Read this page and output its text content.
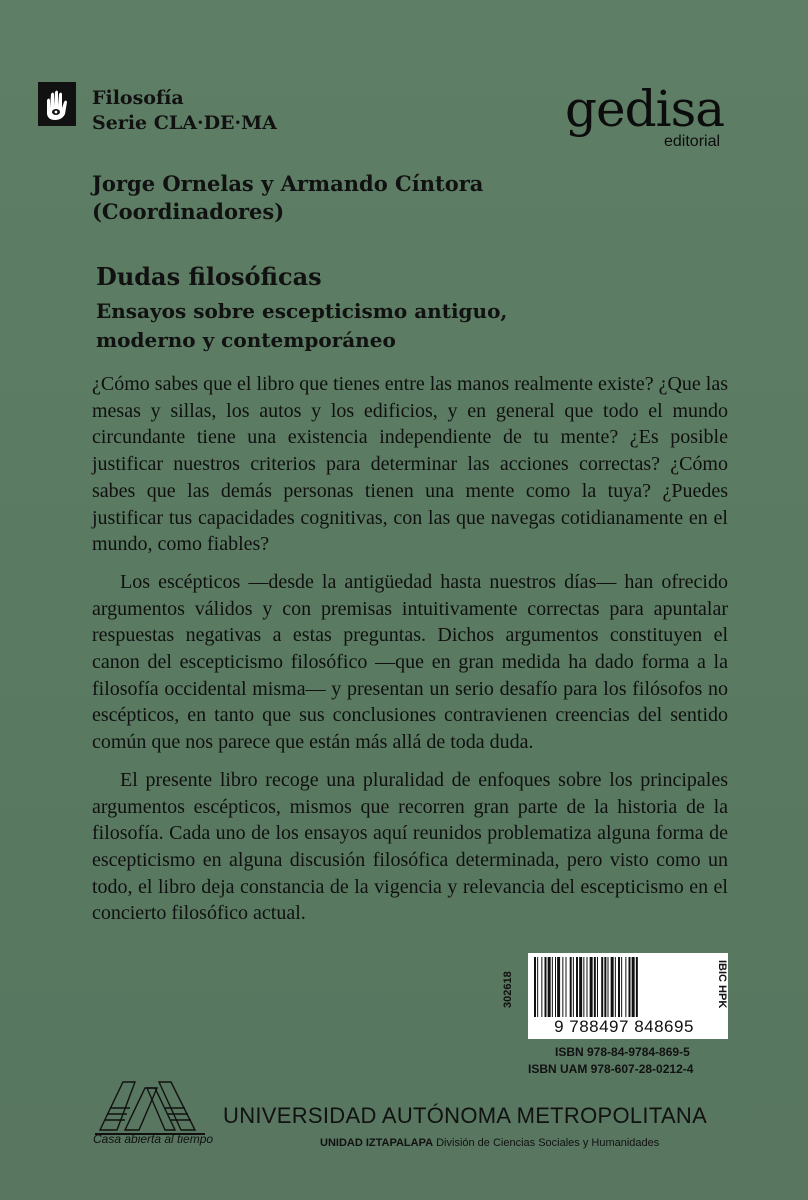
Filosofía
Serie CLA·DE·MA	gedisa
editorial
Jorge Ornelas y Armando Cíntora
(Coordinadores)
Dudas filosóficas
Ensayos sobre escepticismo antiguo, moderno y contemporáneo

¿Cómo sabes que el libro que tienes entre las manos realmente existe? ¿Que las mesas y sillas, los autos y los edificios, y en general que todo el mundo circundante tiene una existencia independiente de tu mente? ¿Es posible justificar nuestros criterios para determinar las acciones correctas? ¿Cómo sabes que las demás personas tienen una mente como la tuya? ¿Puedes justificar tus capacidades cognitivas, con las que navegas cotidianamente en el mundo, como fiables?

Los escépticos —desde la antigüedad hasta nuestros días— han ofrecido argumentos válidos y con premisas intuitivamente correctas para apuntalar respuestas negativas a estas preguntas. Dichos argumentos constituyen el canon del escepticismo filosófico —que en gran medida ha dado forma a la filosofía occidental misma— y presentan un serio desafío para los filósofos no escépticos, en tanto que sus conclusiones contravienen creencias del sentido común que nos parece que están más allá de toda duda.

El presente libro recoge una pluralidad de enfoques sobre los principales argumentos escépticos, mismos que recorren gran parte de la historia de la filosofía. Cada uno de los ensayos aquí reunidos problematiza alguna forma de escepticismo en alguna discusión filosófica determinada, pero visto como un todo, el libro deja constancia de la vigencia y relevancia del escepticismo en el concierto filosófico actual.

302618	IBIC HPK
9 788497 848695
ISBN 978-84-9784-869-5
ISBN UAM 978-607-28-0212-4
Casa abierta al tiempo
UNIVERSIDAD AUTÓNOMA METROPOLITANA
UNIDAD IZTAPALAPA División de Ciencias Sociales y Humanidades
